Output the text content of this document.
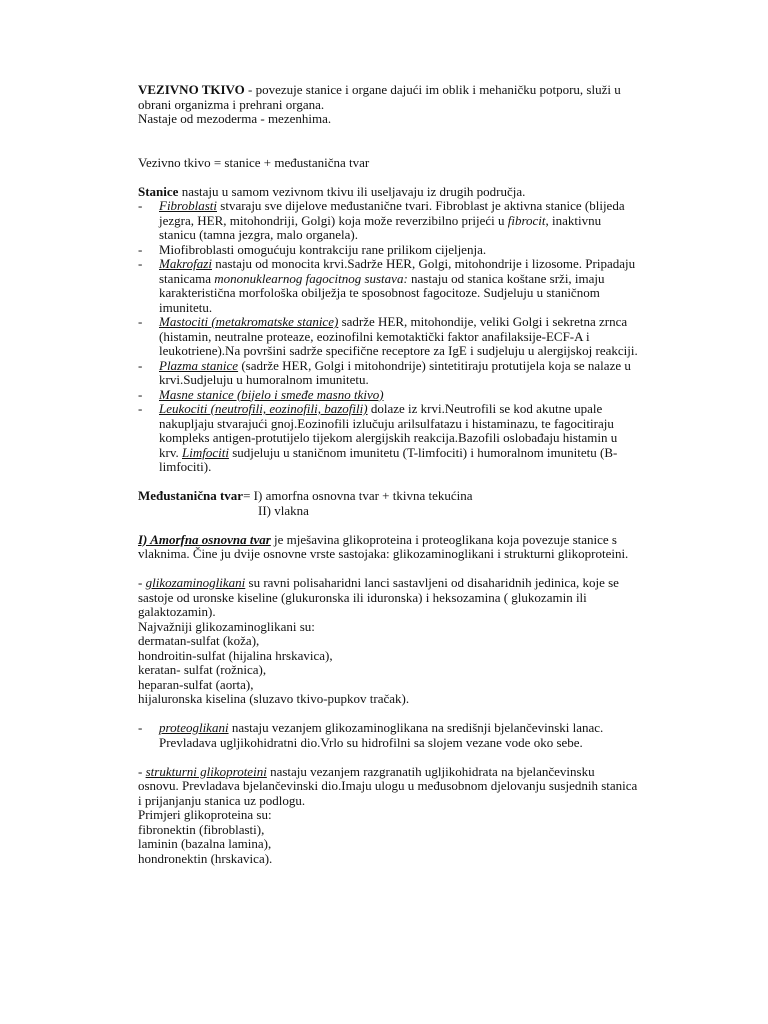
VEZIVNO TKIVO - povezuje stanice i organe dajući im oblik i mehaničku potporu, služi u obrani organizma i prehrani organa.

Nastaje od mezoderma - mezenhima.

Vezivno tkivo = stanice + međustanična tvar

Stanice nastaju u samom vezivnom tkivu ili useljavaju iz drugih područja.

- Fibroblasti stvaraju sve dijelove međustanične tvari. Fibroblast je aktivna stanice (blijeda jezgra, HER, mitohondriji, Golgi) koja može reverzibilno prijeći u fibrocit, inaktivnu stanicu (tamna jezgra, malo organela).
- Miofibroblasti omogućuju kontrakciju rane prilikom cijeljenja.
- Makrofazi nastaju od monocita krvi.Sadrže HER, Golgi, mitohondrije i lizosome. Pripadaju stanicama mononuklearnog fagocitnog sustava: nastaju od stanica koštane srži, imaju karakteristična morfološka obilježja te sposobnost fagocitoze. Sudjeluju u staničnom imunitetu.
- Mastociti (metakromatske stanice) sadrže HER, mitohondije, veliki Golgi i sekretna zrnca (histamin, neutralne proteaze, eozinofilni kemotaktički faktor anafilaksije-ECF-A i leukotriene).Na površini sadrže specifične receptore za IgE i sudjeluju u alergijskoj reakciji.
- Plazma stanice (sadrže HER, Golgi i mitohondrije) sintetitiraju protutijela koja se nalaze u krvi.Sudjeluju u humoralnom imunitetu.
- Masne stanice (bijelo i smeđe masno tkivo)
- Leukociti (neutrofili, eozinofili, bazofili) dolaze iz krvi.Neutrofili se kod akutne upale nakupljaju stvarajući gnoj.Eozinofili izlučuju arilsulfatazu i histaminazu, te fagocitiraju kompleks antigen-protutijelo tijekom alergijskih reakcija.Bazofili oslobađaju histamin u krv. Limfociti sudjeluju u staničnom imunitetu (T-limfociti) i humoralnom imunitetu (B-limfociti).

Međustanična tvar= I) amorfna osnovna tvar + tkivna tekućina

II) vlakna

I) Amorfna osnovna tvar je mješavina glikoproteina i proteoglikana koja povezuje stanice s vlaknima. Čine ju dvije osnovne vrste sastojaka: glikozaminoglikani i strukturni glikoproteini.

- glikozaminoglikani su ravni polisaharidni lanci sastavljeni od disaharidnih jedinica, koje se sastoje od uronske kiseline (glukuronska ili iduronska) i heksozamina ( glukozamin ili galaktozamin).

Najvažniji glikozaminoglikani su:

dermatan-sulfat (koža),

hondroitin-sulfat (hijalina hrskavica),

keratan- sulfat (rožnica),

heparan-sulfat (aorta),

hijaluronska kiselina (sluzavo tkivo-pupkov tračak).

- proteoglikani nastaju vezanjem glikozaminoglikana na središnji bjelančevinski lanac. Prevladava ugljikohidratni dio.Vrlo su hidrofilni sa slojem vezane vode oko sebe.

- strukturni glikoproteini nastaju vezanjem razgranatih ugljikohidrata na bjelančevinsku osnovu. Prevladava bjelančevinski dio.Imaju ulogu u međusobnom djelovanju susjednih stanica i prijanjanju stanica uz podlogu.

Primjeri glikoproteina su:

fibronektin (fibroblasti),

laminin (bazalna lamina),

hondronektin (hrskavica).
